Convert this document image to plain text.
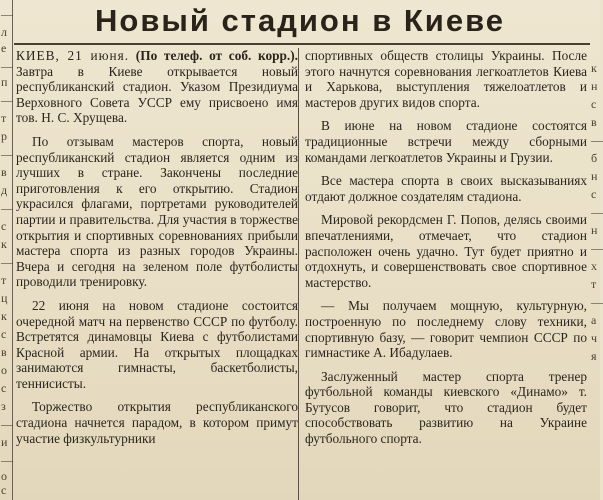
—
л
е
—
п
—
т
р
—
в
д
—
с
к
—
т
ц
к
с
в
о
с
з
—
и
—
о
с
Новый стадион в Киеве

КИЕВ, 21 июня. (По телеф. от соб. корр.). Завтра в Киеве открывается новый республиканский стадион. Указом Президиума Верховного Совета УССР ему присвоено имя тов. Н. С. Хрущева.

По отзывам мастеров спорта, новый республиканский стадион является одним из лучших в стране. Закончены последние приготовления к его открытию. Стадион украсился флагами, портретами руководителей партии и правительства. Для участия в торжестве открытия и спортивных соревнованиях прибыли мастера спорта из разных городов Украины. Вчера и сегодня на зеленом поле футболисты проводили тренировку.

22 июня на новом стадионе состоится очередной матч на первенство СССР по футболу. Встретятся динамовцы Киева с футболистами Красной армии. На открытых площадках занимаются гимнасты, баскетболисты, теннисисты.

Торжество открытия республиканского стадиона начнется парадом, в котором примут участие физкультурники

спортивных обществ столицы Украины. После этого начнутся соревнования легкоатлетов Киева и Харькова, выступления тяжелоатлетов и мастеров других видов спорта.

В июне на новом стадионе состоятся традиционные встречи между сборными командами легкоатлетов Украины и Грузии.

Все мастера спорта в своих высказываниях отдают должное создателям стадиона.

Мировой рекордсмен Г. Попов, делясь своими впечатлениями, отмечает, что стадион расположен очень удачно. Тут будет приятно и отдохнуть, и совершенствовать свое спортивное мастерство.

— Мы получаем мощную, культурную, построенную по последнему слову техники, спортивную базу, — говорит чемпион СССР по гимнастике А. Ибадулаев.

Заслуженный мастер спорта тренер футбольной команды киевского «Динамо» т. Бутусов говорит, что стадион будет способствовать развитию на Украине футбольного спорта.

к
н
с
в
—
б
н
с
—
н
—
х
т
—
а
ч
я
